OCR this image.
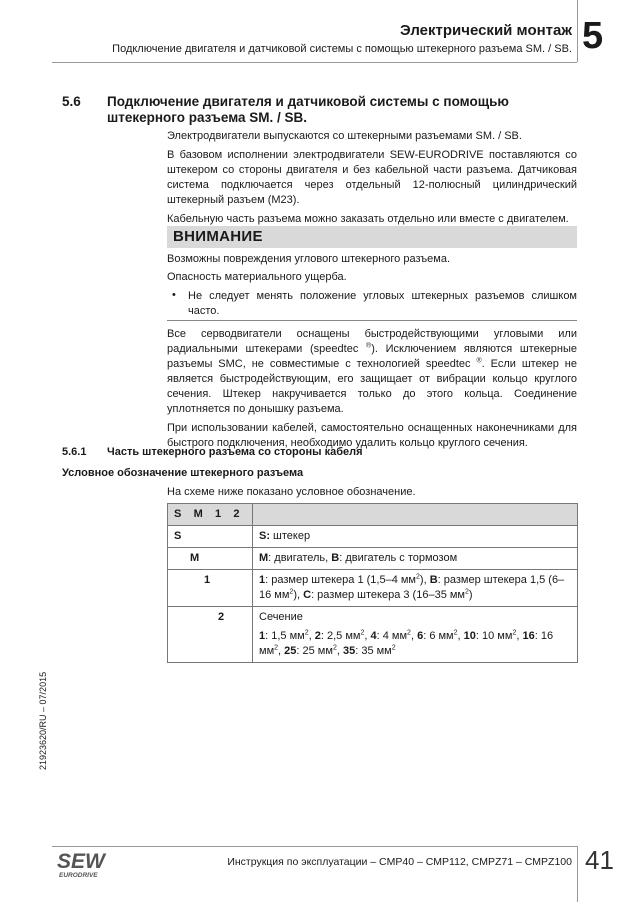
Электрический монтаж
Подключение двигателя и датчиковой системы с помощью штекерного разъема SM. / SB. 5
5.6 Подключение двигателя и датчиковой системы с помощью штекерного разъема SM. / SB.

Электродвигатели выпускаются со штекерными разъемами SM. / SB.

В базовом исполнении электродвигатели SEW-EURODRIVE поставляются со штекером со стороны двигателя и без кабельной части разъема. Датчиковая система подключается через отдельный 12-полюсный цилиндрический штекерный разъем (M23).

Кабельную часть разъема можно заказать отдельно или вместе с двигателем.

ВНИМАНИЕ
Возможны повреждения углового штекерного разъема.
Опасность материального ущерба.
• Не следует менять положение угловых штекерных разъемов слишком часто.

Все серводвигатели оснащены быстродействующими угловыми или радиальными штекерами (speedtec ®). Исключением являются штекерные разъемы SMC, не совместимые с технологией speedtec ®. Если штекер не является быстродействующим, его защищает от вибрации кольцо круглого сечения. Штекер накручивается только до этого кольца. Соединение уплотняется по донышку разъема.

При использовании кабелей, самостоятельно оснащенных наконечниками для быстрого подключения, необходимо удалить кольцо круглого сечения.

5.6.1 Часть штекерного разъема со стороны кабеля
Условное обозначение штекерного разъема
На схеме ниже показано условное обозначение.
S M 1 2	
S	S: штекер
M	M: двигатель, B: двигатель с тормозом
1	1: размер штекера 1 (1,5–4 $мм^2$), B: размер штекера 1,5 (6–16 $мм^2$), C: размер штекера 3 (16–35 $мм^2$)
2	Сечение
1: 1,5 $мм^2$, 2: 2,5 $мм^2$, 4: 4 $мм^2$, 6: 6 $мм^2$, 10: 10 $мм^2$, 16: 16 $мм^2$, 25: 25 $мм^2$, 35: 35 $мм^2$
21923620/RU – 07/2015
Инструкция по эксплуатации – CMP40 – CMP112, CMPZ71 – CMPZ100 41
SEW
EURODRIVE
